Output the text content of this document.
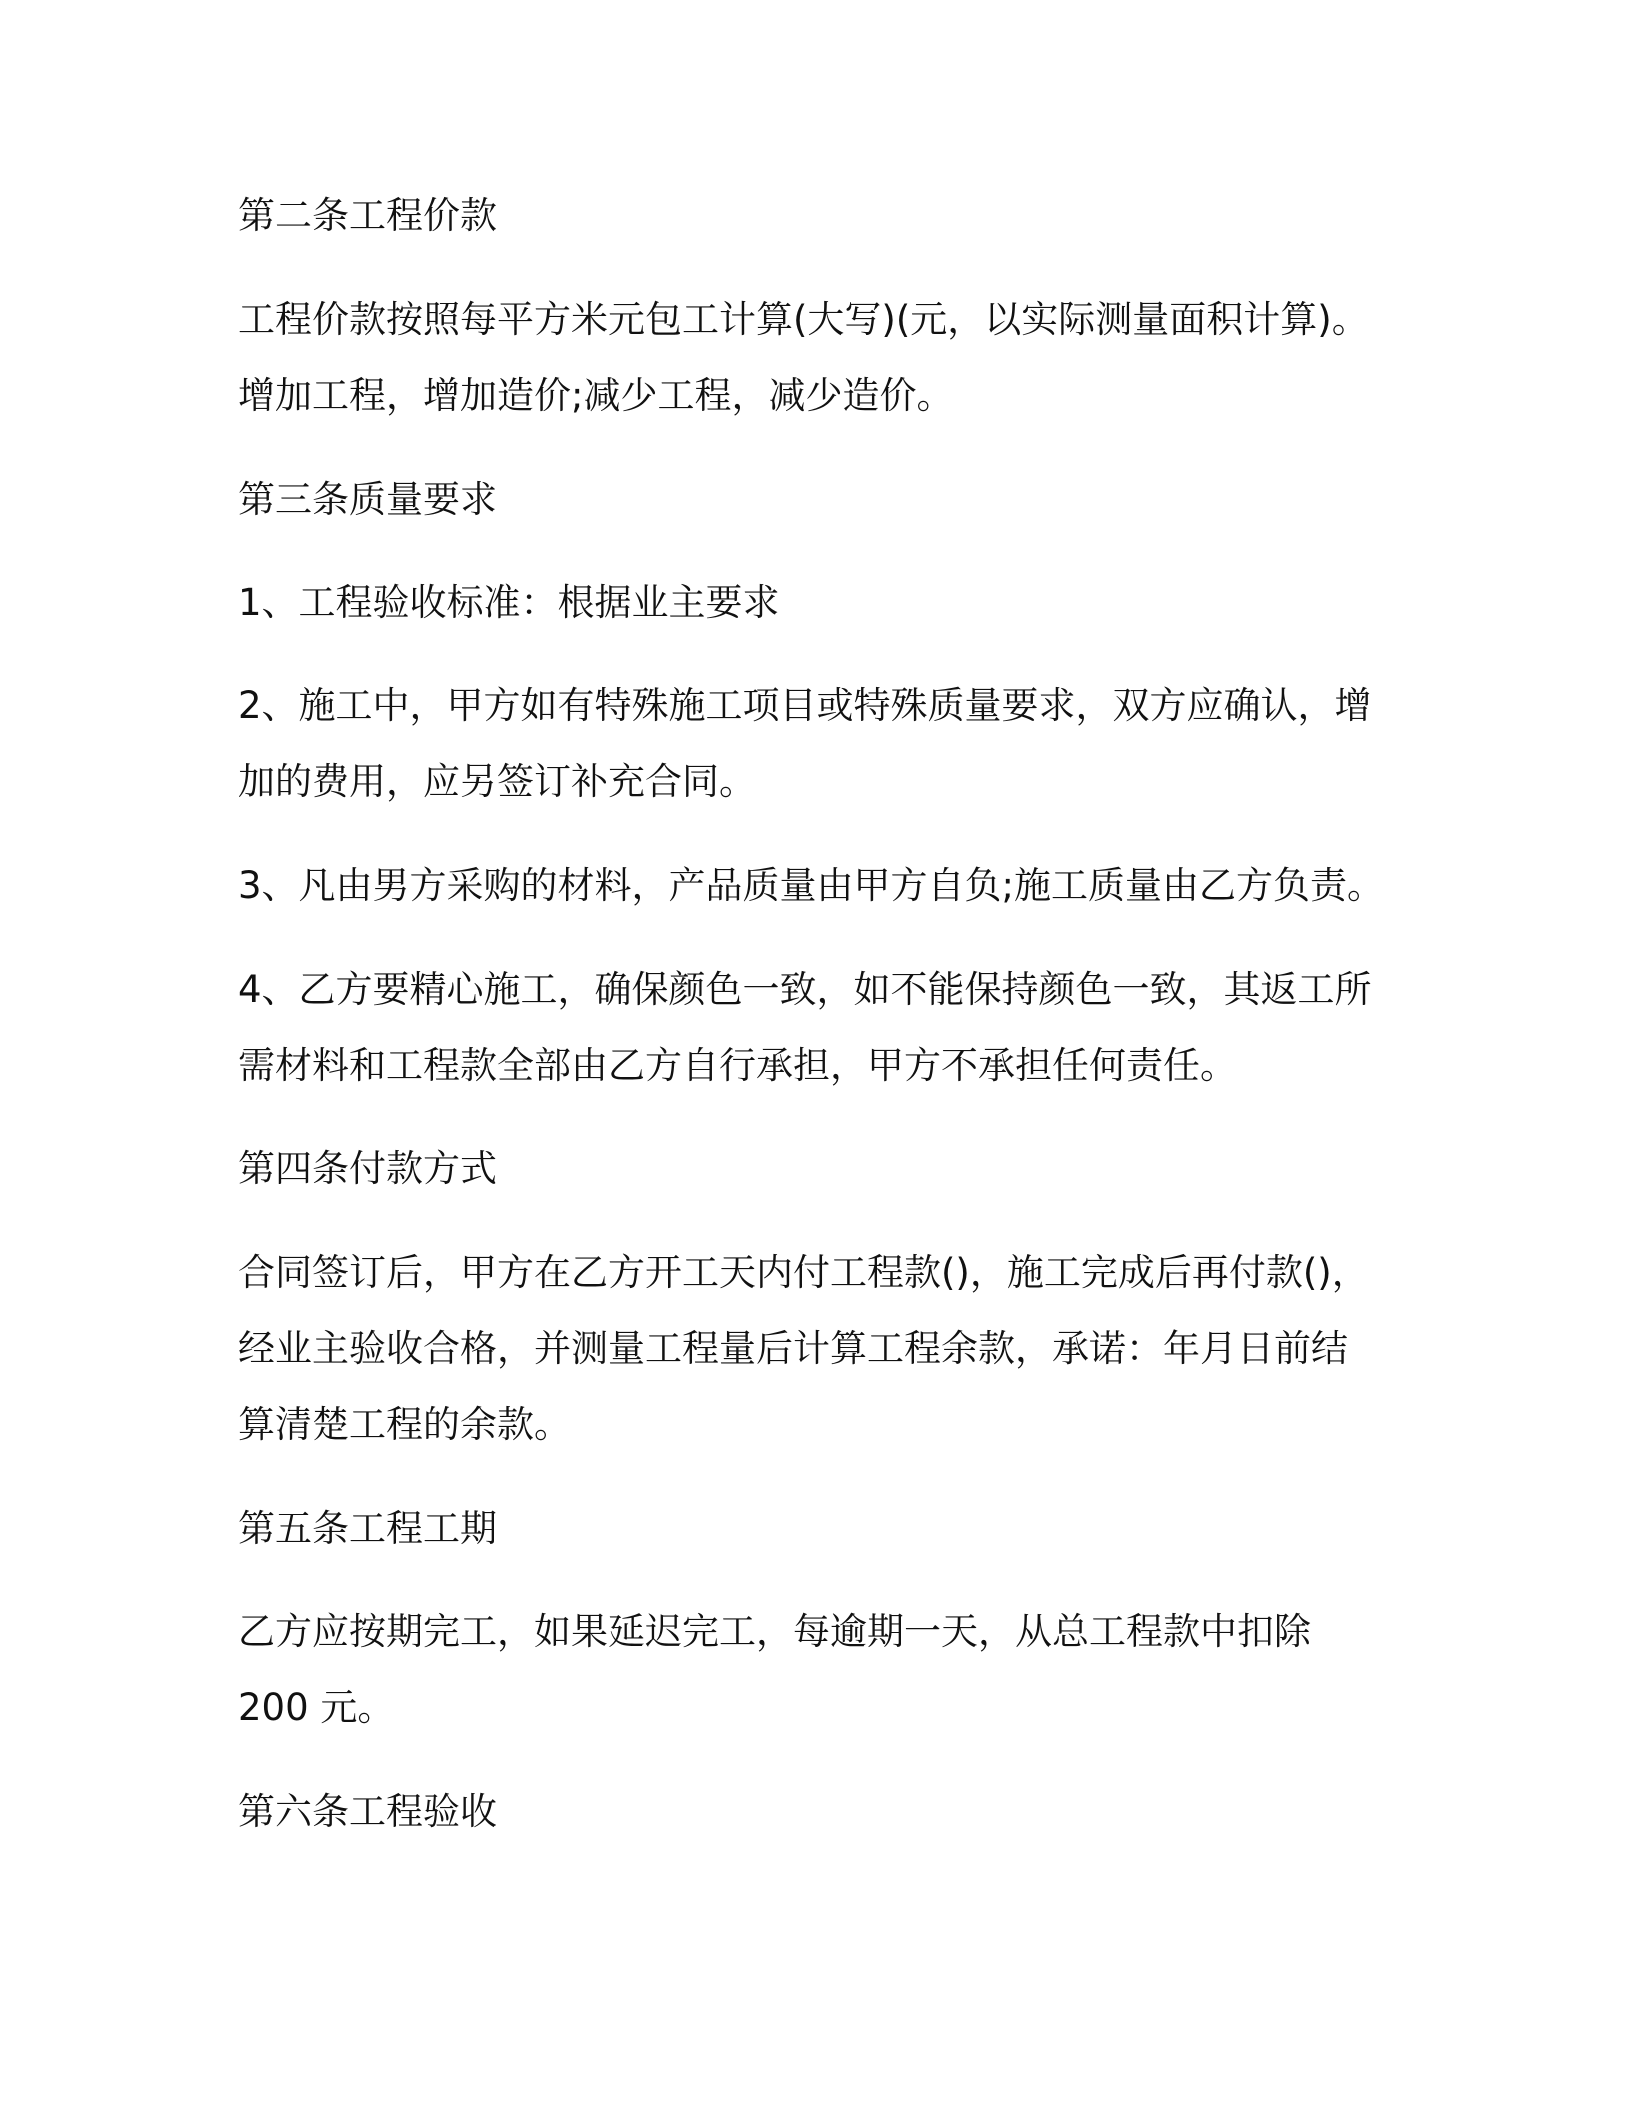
第二条工程价款
工程价款按照每平方米元包工计算(大写)(元，以实际测量面积计算)。
增加工程，增加造价;减少工程，减少造价。
第三条质量要求
1、工程验收标准：根据业主要求
2、施工中，甲方如有特殊施工项目或特殊质量要求，双方应确认，增
加的费用，应另签订补充合同。
3、凡由男方采购的材料，产品质量由甲方自负;施工质量由乙方负责。
4、乙方要精心施工，确保颜色一致，如不能保持颜色一致，其返工所
需材料和工程款全部由乙方自行承担，甲方不承担任何责任。
第四条付款方式
合同签订后，甲方在乙方开工天内付工程款()，施工完成后再付款()，
经业主验收合格，并测量工程量后计算工程余款，承诺：年月日前结
算清楚工程的余款。
第五条工程工期
乙方应按期完工，如果延迟完工，每逾期一天，从总工程款中扣除
200 元。
第六条工程验收
